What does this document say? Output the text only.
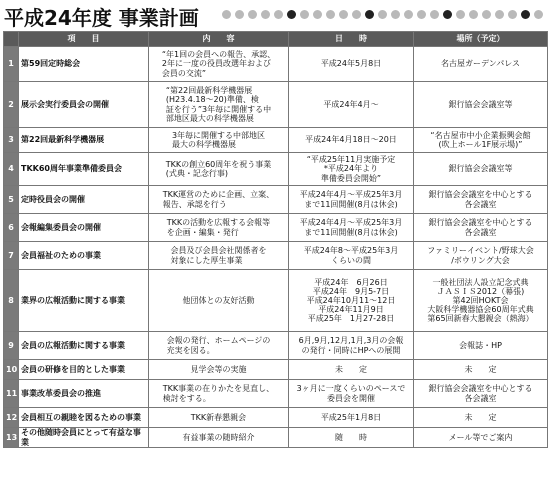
平成24年度 事業計画
	項　　目	内　　容	日　　時	場所（予定）
1	第59回定時総会	“年1回の会員への報告、承認、
2年に一度の役員改選年および
会員の交流”	平成24年5月8日	名古屋ガーデンパレス
2	展示会実行委員会の開催	“第22回最新科学機器展
(H23.4.18～20)準備、検
証を行う”3年毎に開催する中
部地区最大の科学機器展	平成24年4月～	銀行協会会議室等
3	第22回最新科学機器展	3年毎に開催する中部地区
最大の科学機器展	平成24年4月18日～20日	“名古屋市中小企業振興会館
(吹上ホール1F展示場)”
4	TKK60周年事業準備委員会	TKKの創立60周年を祝う事業
(式典・記念行事)	“平成25年11月実施予定
*平成24年より
準備委員会開始”	銀行協会会議室等
5	定時役員会の開催	TKK運営のために企画、立案、
報告、承認を行う	平成24年4月～平成25年3月
まで11回開催(8月は休会)	銀行協会会議室を中心とする
各会議室
6	会報編集委員会の開催	TKKの活動を広報する会報等
を企画・編集・発行	平成24年4月～平成25年3月
まで11回開催(8月は休会)	銀行協会会議室を中心とする
各会議室
7	会員福祉のための事業	会員及び会員会社関係者を
対象にした厚生事業	平成24年8～平成25年3月
くらいの間	ファミリーイベント/野球大会
/ボウリング大会
8	業界の広報活動に関する事業	他団体との友好活動	平成24年　6月26日
平成24年　9月5-7日
平成24年10月11～12日
平成24年11月9日
平成25年　1月27-28日	一般社団法人設立記念式典
ＪＡＳＩＳ2012（幕張)
第42回HOKT会
大阪科学機器協会60周年式典
第65回新春大懇親会（熱海）
9	会員の広報活動に関する事業	会報の発行、ホームページの
充実を図る。	6月,9月,12月,1月,3月の会報
の発行・同時にHPへの展開	会報誌・HP
10	会員の研修を目的とした事業	見学会等の実施	未　　定	未　　定
11	事業改革委員会の推進	TKK事業の在りかたを見直し、
検討をする。	3ヶ月に一度くらいのペースで
委員会を開催	銀行協会会議室を中心とする
各会議室
12	会員相互の親睦を図るための事業	TKK新春懇親会	平成25年1月8日	未　　定
13	その他随時会員にとって有益な事業	有益事業の随時紹介	随　　時	メール等でご案内
